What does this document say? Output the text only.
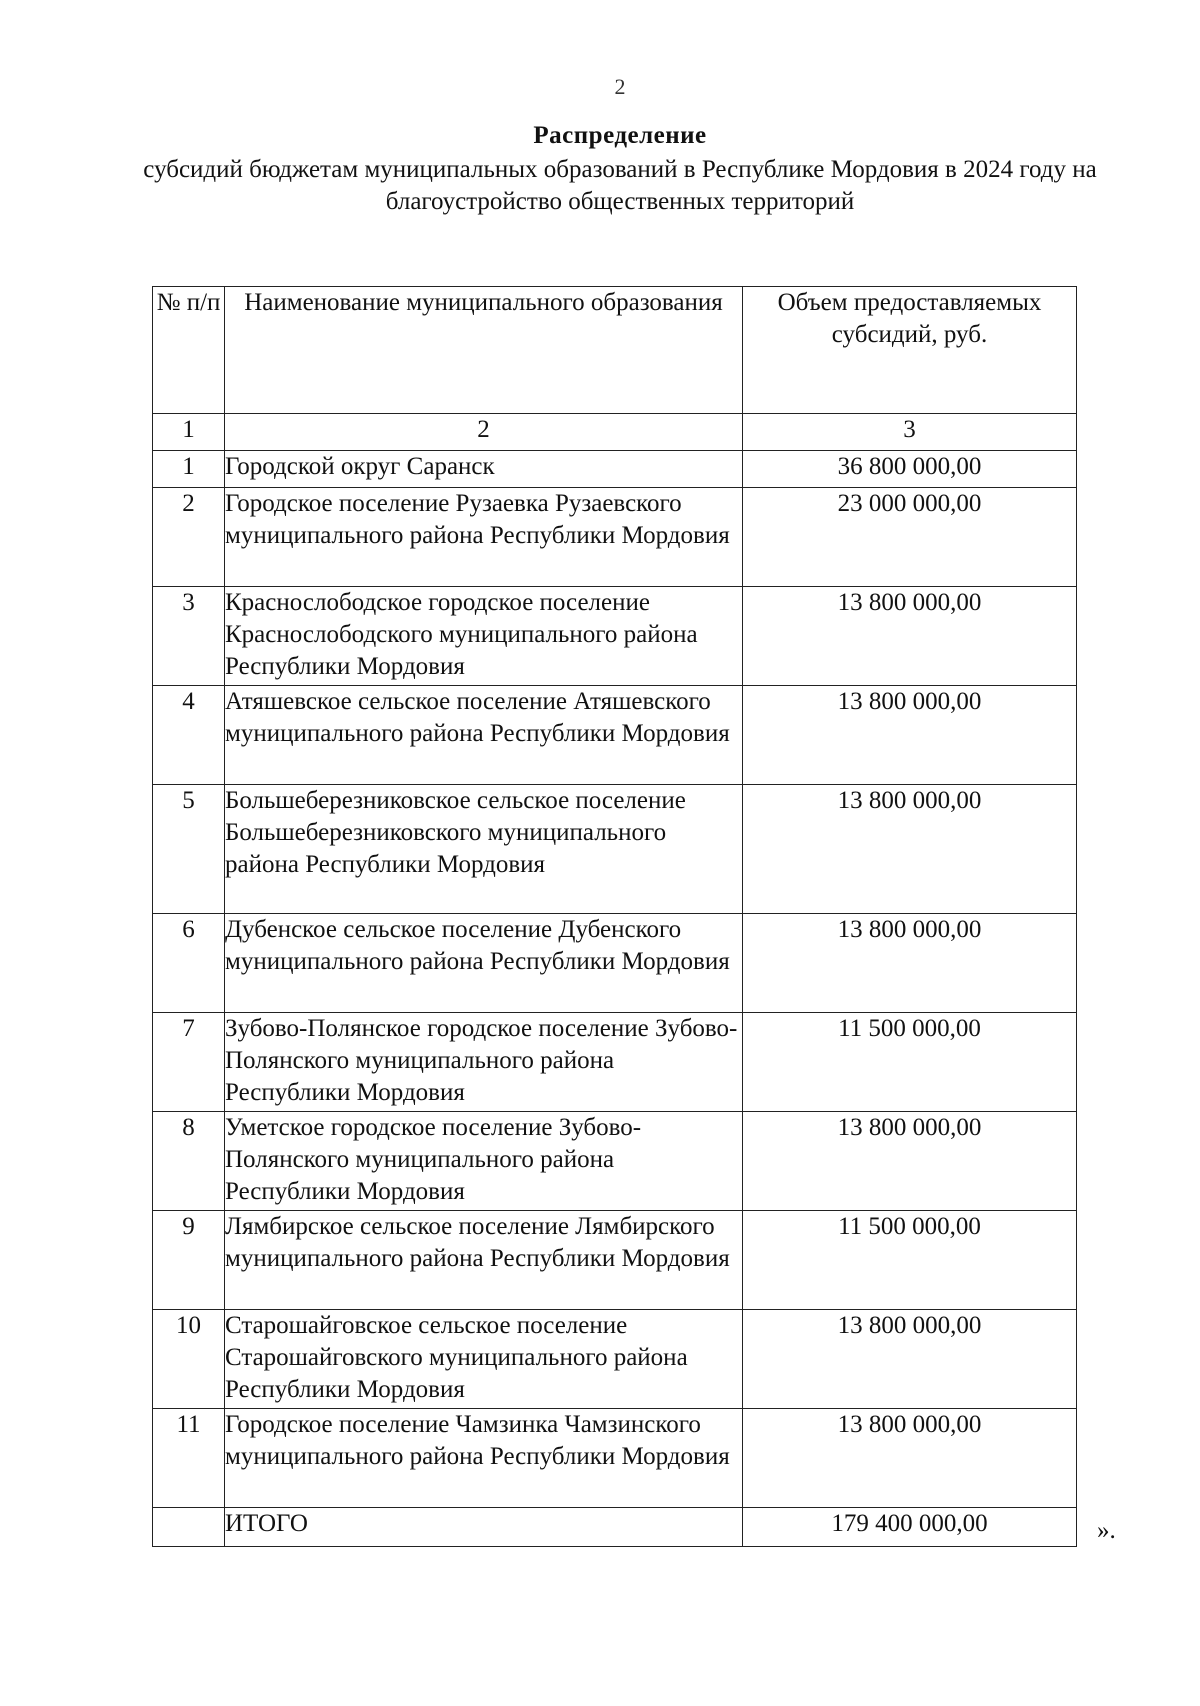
2
Распределение
субсидий бюджетам муниципальных образований в Республике Мордовия в 2024 году на благоустройство общественных территорий
№ п/п	Наименование муниципального образования	Объем предоставляемых субсидий, руб.
1	2	3
1	Городской округ Саранск	36 800 000,00
2	Городское поселение Рузаевка Рузаевского муниципального района Республики Мордовия	23 000 000,00
3	Краснослободское городское поселение Краснослободского муниципального района Республики Мордовия	13 800 000,00
4	Атяшевское сельское поселение Атяшевского муниципального района Республики Мордовия	13 800 000,00
5	Большеберезниковское сельское поселение Большеберезниковского муниципального района Республики Мордовия	13 800 000,00
6	Дубенское сельское поселение Дубенского муниципального района Республики Мордовия	13 800 000,00
7	Зубово-Полянское городское поселение Зубово-Полянского муниципального района Республики Мордовия	11 500 000,00
8	Уметское городское поселение Зубово-Полянского муниципального района Республики Мордовия	13 800 000,00
9	Лямбирское сельское поселение Лямбирского муниципального района Республики Мордовия	11 500 000,00
10	Старошайговское сельское поселение Старошайговского муниципального района Республики Мордовия	13 800 000,00
11	Городское поселение Чамзинка Чамзинского муниципального района Республики Мордовия	13 800 000,00
	ИТОГО	179 400 000,00	».
